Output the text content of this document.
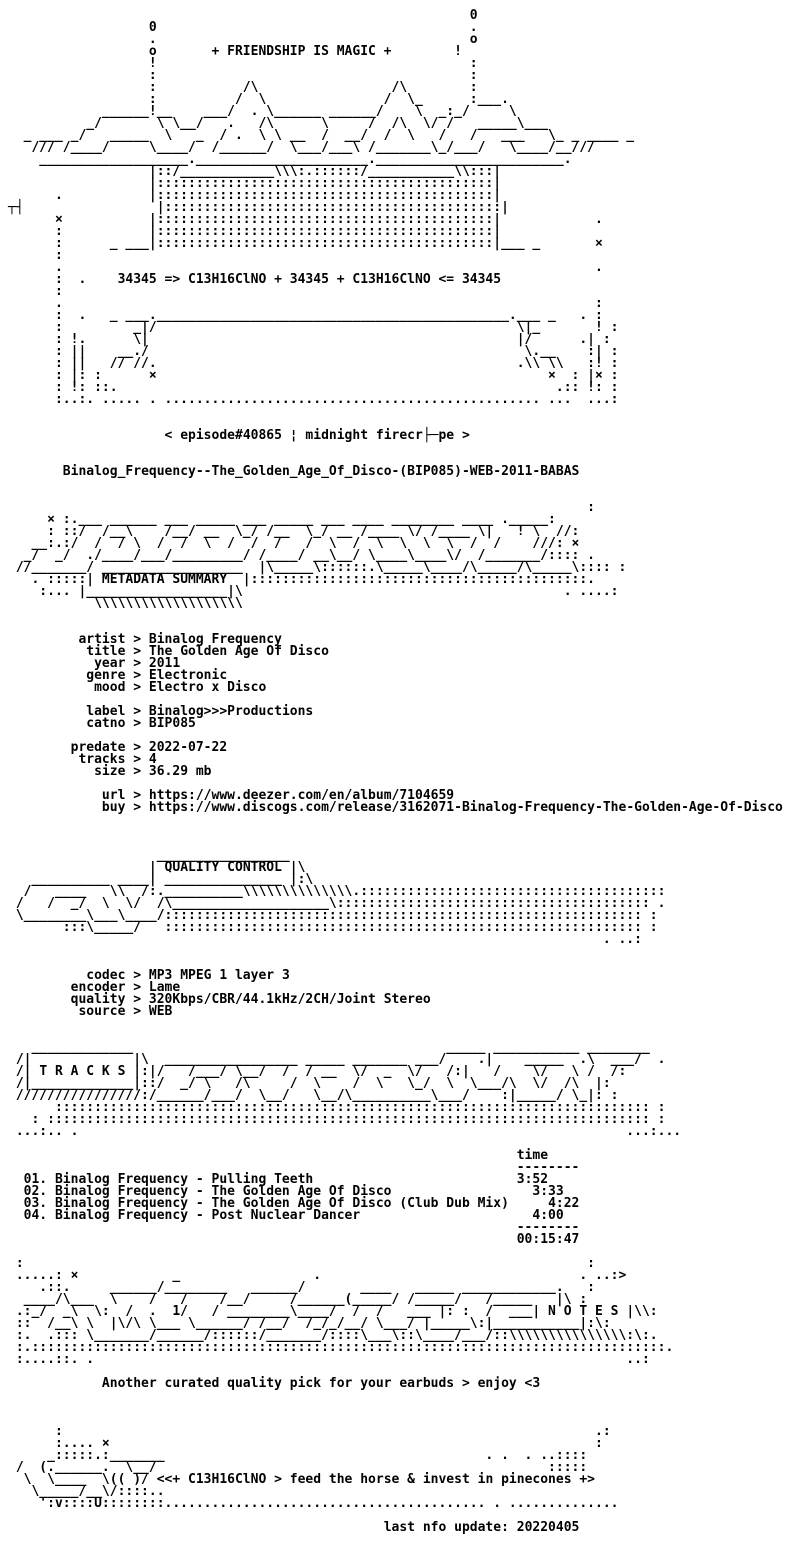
0
0                                        .
.                                        o
o       + FRIENDSHIP IS MAGIC +        !
!                                        :
:                                        :
:           /\                 /\        :
:          /  \               /  \_      :___.
______!__    ___/  . \______ ______/    \  _:_/     \
_/       \ \__/   .   /\      \     /  /\  \/ /   _____\___
_ ___ _/   _____  \   _  / .  \ \ __  /  __/  /  \   /   /   ___   \_ _ ____ _
/// /____/     \____/  /______/  \___/___\ /_______\_/___/   \____/__///
___________________.______________________.________________________.
|::/____________\\\:.::::::/___________\\:::|
|:::::::::::::::::::::::::::::::::::::::::::|
.           |:::::::::::::::::::::::::::::::::::::::::::|
┬┤                 |:::::::::::::::::::::::::::::::::::::::::::|
×           |:::::::::::::::::::::::::::::::::::::::::::|            .
:           |:::::::::::::::::::::::::::::::::::::::::::|
:      _ ___|:::::::::::::::::::::::::::::::::::::::::::|___ _       ×
:
.                                                                    .
:  .    34345 => C13H16ClNO + 34345 + C13H16ClNO <= 34345
:
.                                                                    :
:  .   _ ___._____________________________________________.___ _   . :
:         _|/                                              \|_       ! :
: !.      \|                                               |/      .| :
: ||    __./                                                \.__    :| :
: ||   // //.                                              .\\ \\   :! :
: |: :      ×                                                  ×  : |× :
: !: ::.                                                        .:: !: :
:..:. ..... . ................................................ ...  ...:

< episode#40865 ¦ midnight firecr├─pe >

Binalog_Frequency--The_Golden_Age_Of_Disco-(BIP085)-WEB-2011-BABAS

:
× :.___ ______ ___ _____ ___ _____ ___ ____ ________ ____ ._____:
: ::/  /__\    /__/ __  \_/ /__  \_/ __ /____ \/ /____ \|   ! \  //:
__:.:/  /  / \  /  /  \  /  /  /   /  \  /  \  \  \  \  /  /    ///: ×
_/  _/  ./____/___/_________/ /____/ __\__/ \____\____\/  /_______/:::: .
//_______/ __________________  |\_____\::::::.\_____\____/\_____/\_____\:::: :
. :::::| METADATA SUMMARY  |:::::::::::::::::::::::::::::::::::::::::::.
:... |__________________|\                                         . ....:
\\\\\\\\\\\\\\\\\\\

artist > Binalog Frequency
title > The Golden Age Of Disco
year > 2011
genre > Electronic
mood > Electro x Disco

label > Binalog>>>Productions
catno > BIP085

predate > 2022-07-22
tracks > 4
size > 36.29 mb

url > https://www.deezer.com/en/album/7104659
buy > https://www.discogs.com/release/3162071-Binalog-Frequency-The-Golden-Age-Of-Disco

_________________
| QUALITY CONTROL |\
__________ ____| _______________ |:\
/   ____   \\  /:.__________\\\\\\\\\\\\\\.:::::::::::::::::::::::::::::::::::::::
/   /  _/  \  \/  /\____________________\:::::::::::::::::::::::::::::::::::::::: .
\________\___\____/::::::::::::::::::::::::::::::::::::::::::::::::::::::::::::: :
:::\_____/   ::::::::::::::::::::::::::::::::::::::::::::::::::::::::::::: :
. ..:

codec > MP3 MPEG 1 layer 3
encoder > Lame
quality > 320Kbps/CBR/44.1kHz/2CH/Joint Stereo
source > WEB

_____________                                        _____ ___________ ________
/|             |\  _________________ _____ _______ ___/    .|    _____  .\  ___/  .
/| T R A C K S |:|/   /___/ \__/  /  / __  \/  _  \/   /:|   /    \/   \ /  /:
/|_____________|::/  _/ \   /\     /  \    /  \   \_/  \  \___/\  \/  /\  |:
////////////////:/______/___/  \__/   \__/\__________\___/    :|_____/ \_|: :
:::::::::::::::::::::::::::::::::::::::::::::::::::::::::::::::::::::::::::: :
: ::::::::::::::::::::::::::::::::::::::::::::::::::::::::::::::::::::::::::::: :
...:.. .                                                                      ...:...

time
--------
01. Binalog Frequency - Pulling Teeth	3:52
02. Binalog Frequency - The Golden Age Of Disco	3:33
03. Binalog Frequency - The Golden Age Of Disco (Club Dub Mix)	4:22
04. Binalog Frequency - Post Nuclear Dancer	4:00
--------
00:15:47

:                                                                        :
.....: ×            _                 .                                 . ..:>
.::.     ______/________   ______/       ____   _____ ____________.   :
____/\___  \    /   /    /__/     /______(_____/ /_____/   /_____   |\ :
.:_/  _\  \:  /  .  1/   / ________\____/  /  /   ___ |: :  /  ___| N O T E S |\\:
::  /__\ \  |\/\ \___ \______/ /__/  /_/_/__/ \___/ |_____\:|___________|:\:
:.  .::: \_______/______/::::::/_______/::::\___\::\____/___/::\\\\\\\\\\\\\\\:\:.
:.:::::::::::::::::::::::::::::::::::::::::::::::::::::::::::::::::::::::::::::::::.
:....::. .                                                                    ..:

Another curated quality pick for your earbuds > enjoy <3

:                                                                    .:
:.... ×                                                              :
_:::::.:_______                                         . .  . ..::::
/  (.______.  \__/                                                  :::::
\  \____  \(( )/ <<+ C13H16ClNO > feed the horse & invest in pinecones +>
\_____/__\/::::..
':v::::U::::::::......................................... . ..............

last nfo update: 20220405
